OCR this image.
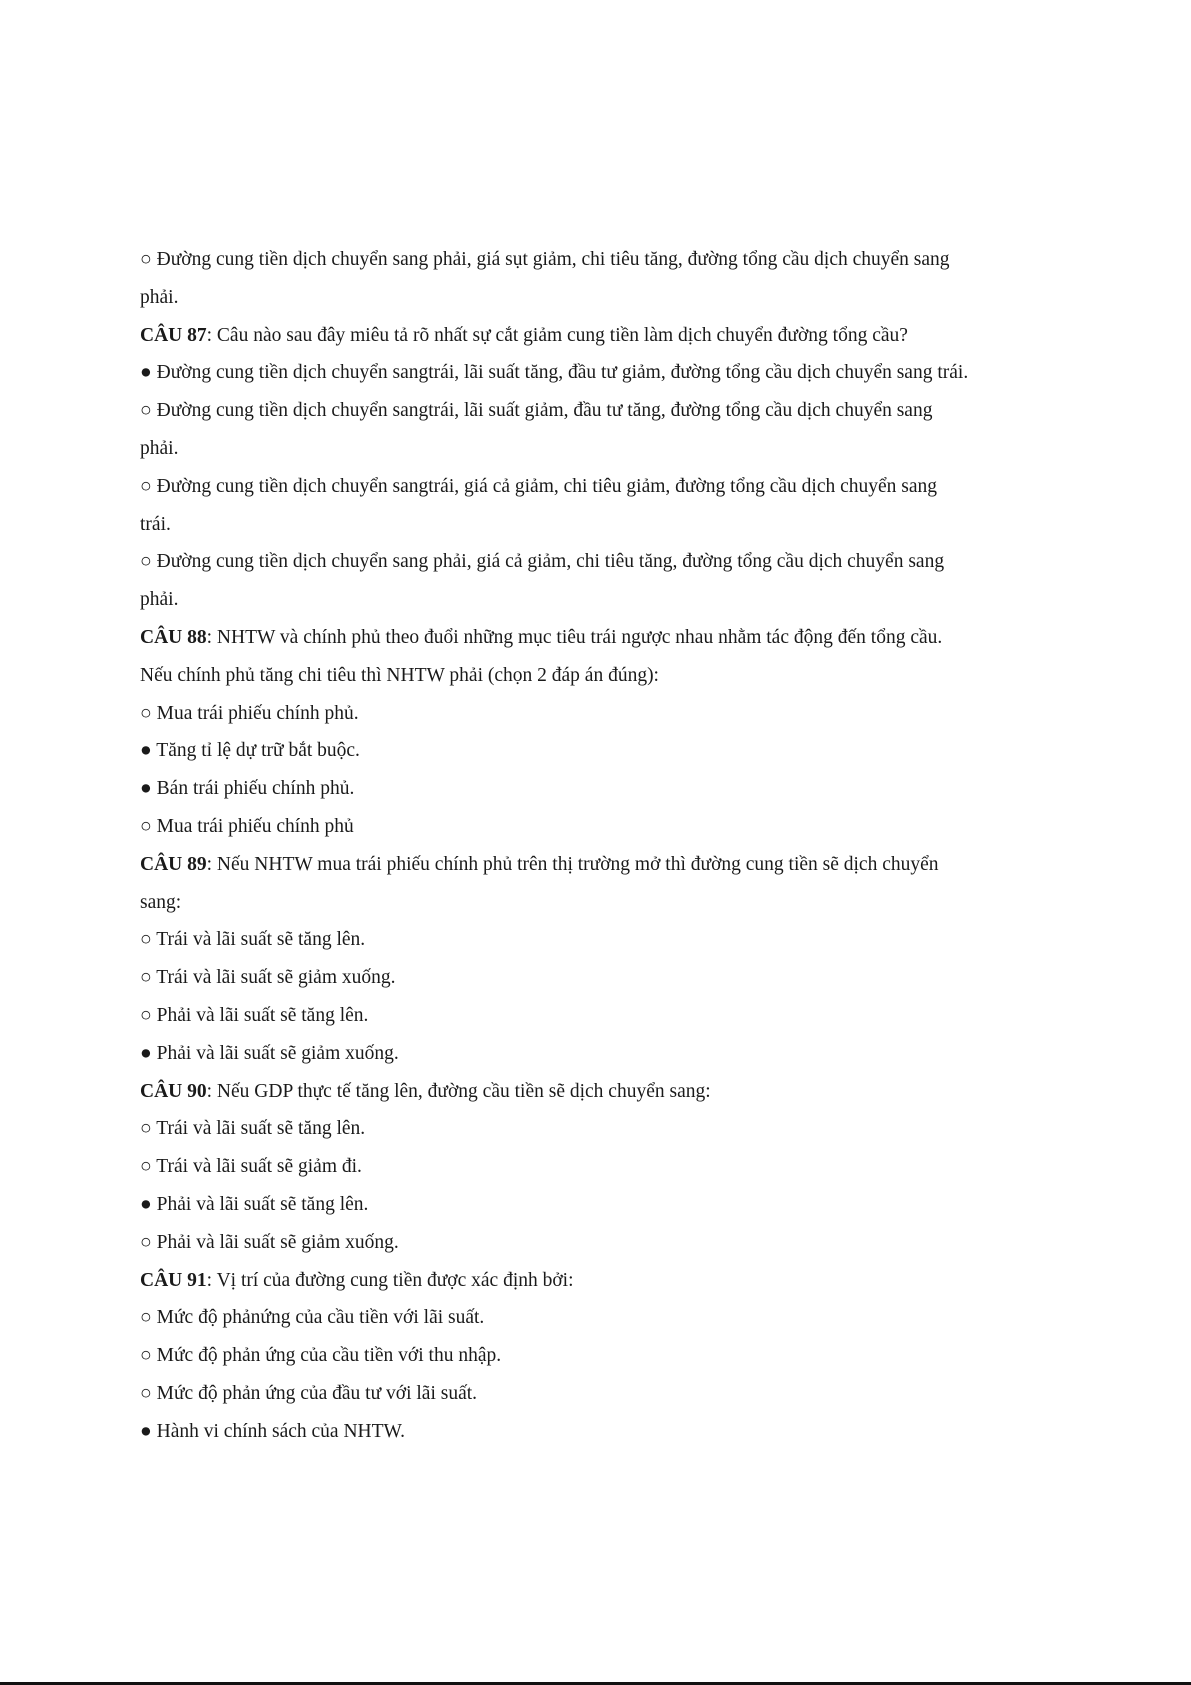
○ Đường cung tiền dịch chuyển sang phải, giá sụt giảm, chi tiêu tăng, đường tổng cầu dịch chuyển sang
phải.
CÂU 87: Câu nào sau đây miêu tả rõ nhất sự cắt giảm cung tiền làm dịch chuyển đường tổng cầu?
● Đường cung tiền dịch chuyển sangtrái, lãi suất tăng, đầu tư giảm, đường tổng cầu dịch chuyển sang trái.
○ Đường cung tiền dịch chuyển sangtrái, lãi suất giảm, đầu tư tăng, đường tổng cầu dịch chuyển sang
phải.
○ Đường cung tiền dịch chuyển sangtrái, giá cả giảm, chi tiêu giảm, đường tổng cầu dịch chuyển sang
trái.
○ Đường cung tiền dịch chuyển sang phải, giá cả giảm, chi tiêu tăng, đường tổng cầu dịch chuyển sang
phải.
CÂU 88: NHTW và chính phủ theo đuổi những mục tiêu trái ngược nhau nhằm tác động đến tổng cầu.
Nếu chính phủ tăng chi tiêu thì NHTW phải (chọn 2 đáp án đúng):
○ Mua trái phiếu chính phủ.
● Tăng tỉ lệ dự trữ bắt buộc.
● Bán trái phiếu chính phủ.
○ Mua trái phiếu chính phủ
CÂU 89: Nếu NHTW mua trái phiếu chính phủ trên thị trường mở thì đường cung tiền sẽ dịch chuyển
sang:
○ Trái và lãi suất sẽ tăng lên.
○ Trái và lãi suất sẽ giảm xuống.
○ Phải và lãi suất sẽ tăng lên.
● Phải và lãi suất sẽ giảm xuống.
CÂU 90: Nếu GDP thực tế tăng lên, đường cầu tiền sẽ dịch chuyển sang:
○ Trái và lãi suất sẽ tăng lên.
○ Trái và lãi suất sẽ giảm đi.
● Phải và lãi suất sẽ tăng lên.
○ Phải và lãi suất sẽ giảm xuống.
CÂU 91: Vị trí của đường cung tiền được xác định bởi:
○ Mức độ phảnứng của cầu tiền với lãi suất.
○ Mức độ phản ứng của cầu tiền với thu nhập.
○ Mức độ phản ứng của đầu tư với lãi suất.
● Hành vi chính sách của NHTW.
